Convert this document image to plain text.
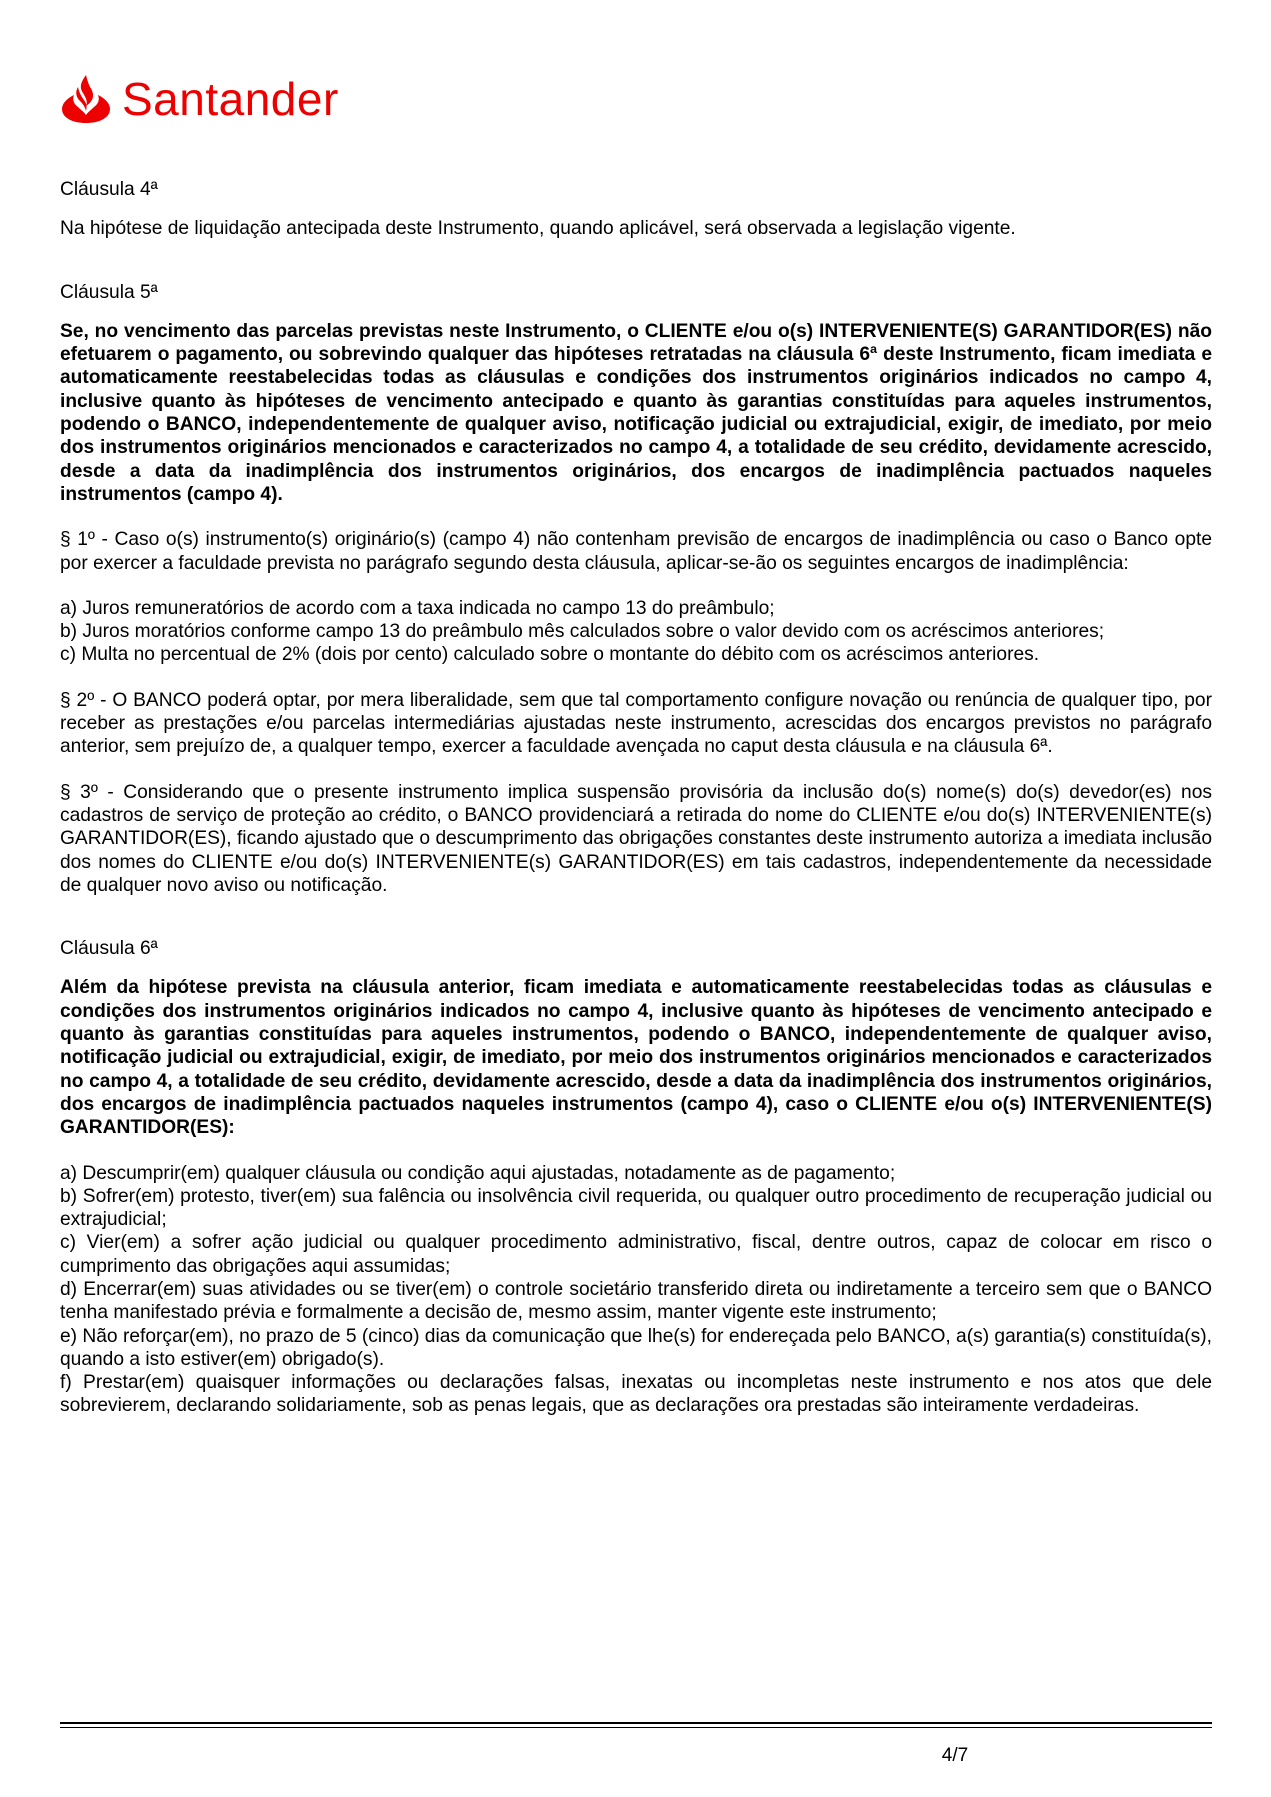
Santander

Cláusula 4ª

Na hipótese de liquidação antecipada deste Instrumento, quando aplicável, será observada a legislação vigente.

Cláusula 5ª

Se, no vencimento das parcelas previstas neste Instrumento, o CLIENTE e/ou o(s) INTERVENIENTE(S) GARANTIDOR(ES) não efetuarem o pagamento, ou sobrevindo qualquer das hipóteses retratadas na cláusula 6ª deste Instrumento, ficam imediata e automaticamente reestabelecidas todas as cláusulas e condições dos instrumentos originários indicados no campo 4, inclusive quanto às hipóteses de vencimento antecipado e quanto às garantias constituídas para aqueles instrumentos, podendo o BANCO, independentemente de qualquer aviso, notificação judicial ou extrajudicial, exigir, de imediato, por meio dos instrumentos originários mencionados e caracterizados no campo 4, a totalidade de seu crédito, devidamente acrescido, desde a data da inadimplência dos instrumentos originários, dos encargos de inadimplência pactuados naqueles instrumentos (campo 4).

§ 1º - Caso o(s) instrumento(s) originário(s) (campo 4) não contenham previsão de encargos de inadimplência ou caso o Banco opte por exercer a faculdade prevista no parágrafo segundo desta cláusula, aplicar-se-ão os seguintes encargos de inadimplência:

a) Juros remuneratórios de acordo com a taxa indicada no campo 13 do preâmbulo;

b) Juros moratórios conforme campo 13 do preâmbulo mês calculados sobre o valor devido com os acréscimos anteriores;

c) Multa no percentual de 2% (dois por cento) calculado sobre o montante do débito com os acréscimos anteriores.

§ 2º - O BANCO poderá optar, por mera liberalidade, sem que tal comportamento configure novação ou renúncia de qualquer tipo, por receber as prestações e/ou parcelas intermediárias ajustadas neste instrumento, acrescidas dos encargos previstos no parágrafo anterior, sem prejuízo de, a qualquer tempo, exercer a faculdade avençada no caput desta cláusula e na cláusula 6ª.

§ 3º - Considerando que o presente instrumento implica suspensão provisória da inclusão do(s) nome(s) do(s) devedor(es) nos cadastros de serviço de proteção ao crédito, o BANCO providenciará a retirada do nome do CLIENTE e/ou do(s) INTERVENIENTE(s) GARANTIDOR(ES), ficando ajustado que o descumprimento das obrigações constantes deste instrumento autoriza a imediata inclusão dos nomes do CLIENTE e/ou do(s) INTERVENIENTE(s) GARANTIDOR(ES) em tais cadastros, independentemente da necessidade de qualquer novo aviso ou notificação.

Cláusula 6ª

Além da hipótese prevista na cláusula anterior, ficam imediata e automaticamente reestabelecidas todas as cláusulas e condições dos instrumentos originários indicados no campo 4, inclusive quanto às hipóteses de vencimento antecipado e quanto às garantias constituídas para aqueles instrumentos, podendo o BANCO, independentemente de qualquer aviso, notificação judicial ou extrajudicial, exigir, de imediato, por meio dos instrumentos originários mencionados e caracterizados no campo 4, a totalidade de seu crédito, devidamente acrescido, desde a data da inadimplência dos instrumentos originários, dos encargos de inadimplência pactuados naqueles instrumentos (campo 4), caso o CLIENTE e/ou o(s) INTERVENIENTE(S) GARANTIDOR(ES):

a) Descumprir(em) qualquer cláusula ou condição aqui ajustadas, notadamente as de pagamento;

b) Sofrer(em) protesto, tiver(em) sua falência ou insolvência civil requerida, ou qualquer outro procedimento de recuperação judicial ou extrajudicial;

c) Vier(em) a sofrer ação judicial ou qualquer procedimento administrativo, fiscal, dentre outros, capaz de colocar em risco o cumprimento das obrigações aqui assumidas;

d) Encerrar(em) suas atividades ou se tiver(em) o controle societário transferido direta ou indiretamente a terceiro sem que o BANCO tenha manifestado prévia e formalmente a decisão de, mesmo assim, manter vigente este instrumento;

e) Não reforçar(em), no prazo de 5 (cinco) dias da comunicação que lhe(s) for endereçada pelo BANCO, a(s) garantia(s) constituída(s), quando a isto estiver(em) obrigado(s).

f) Prestar(em) quaisquer informações ou declarações falsas, inexatas ou incompletas neste instrumento e nos atos que dele sobrevierem, declarando solidariamente, sob as penas legais, que as declarações ora prestadas são inteiramente verdadeiras.

4/7
